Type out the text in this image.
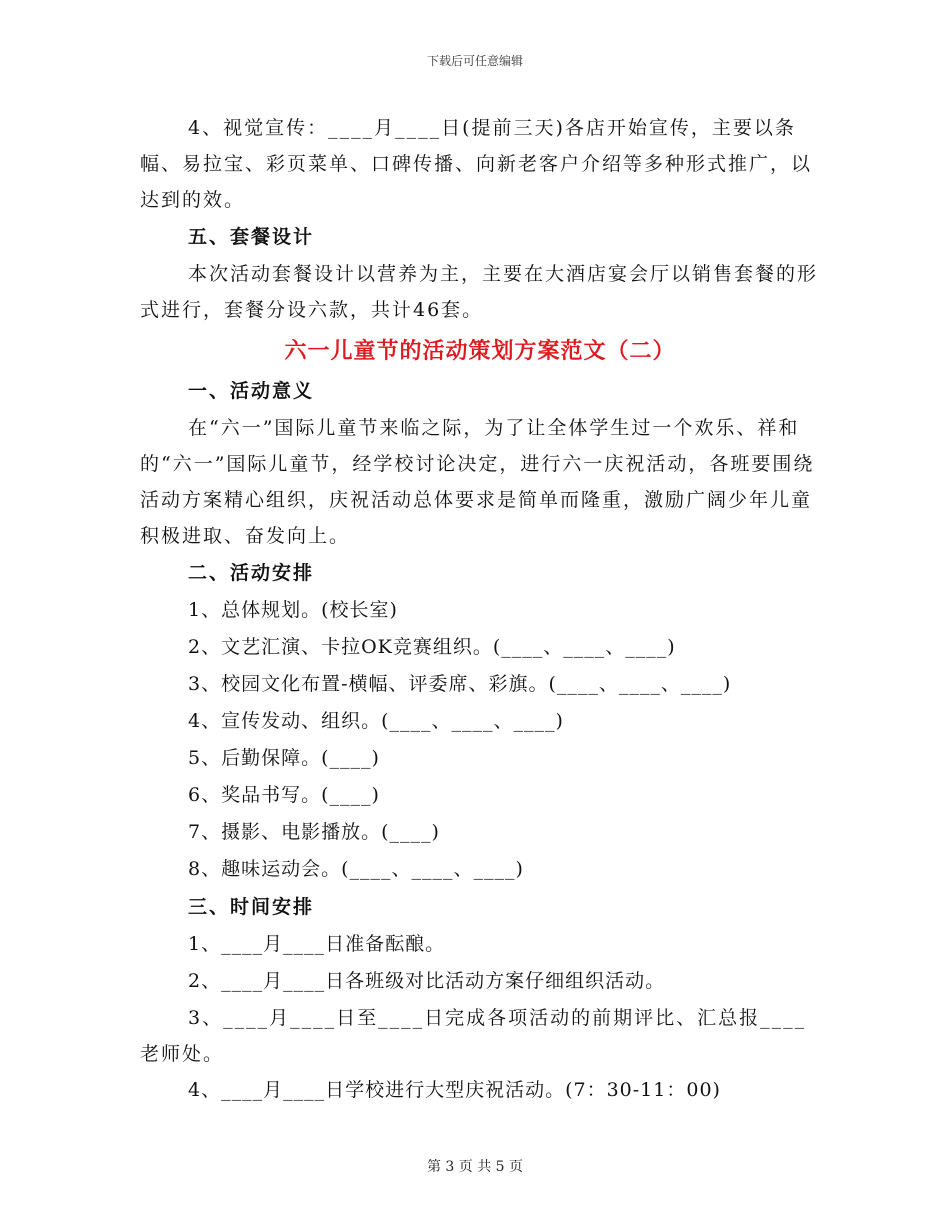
下载后可任意编辑

4、视觉宣传：____月____日(提前三天)各店开始宣传，主要以条幅、易拉宝、彩页菜单、口碑传播、向新老客户介绍等多种形式推广，以达到的效。

五、套餐设计

本次活动套餐设计以营养为主，主要在大酒店宴会厅以销售套餐的形式进行，套餐分设六款，共计46套。

六一儿童节的活动策划方案范文（二）

一、活动意义

在“六一”国际儿童节来临之际，为了让全体学生过一个欢乐、祥和的“六一”国际儿童节，经学校讨论决定，进行六一庆祝活动，各班要围绕活动方案精心组织，庆祝活动总体要求是简单而隆重，激励广阔少年儿童积极进取、奋发向上。

二、活动安排

1、总体规划。(校长室)

2、文艺汇演、卡拉OK竞赛组织。(____、____、____)

3、校园文化布置-横幅、评委席、彩旗。(____、____、____)

4、宣传发动、组织。(____、____、____)

5、后勤保障。(____)

6、奖品书写。(____)

7、摄影、电影播放。(____)

8、趣味运动会。(____、____、____)

三、时间安排

1、____月____日准备酝酿。

2、____月____日各班级对比活动方案仔细组织活动。

3、____月____日至____日完成各项活动的前期评比、汇总报____老师处。

4、____月____日学校进行大型庆祝活动。(7：30-11：00)

第 3 页 共 5 页
